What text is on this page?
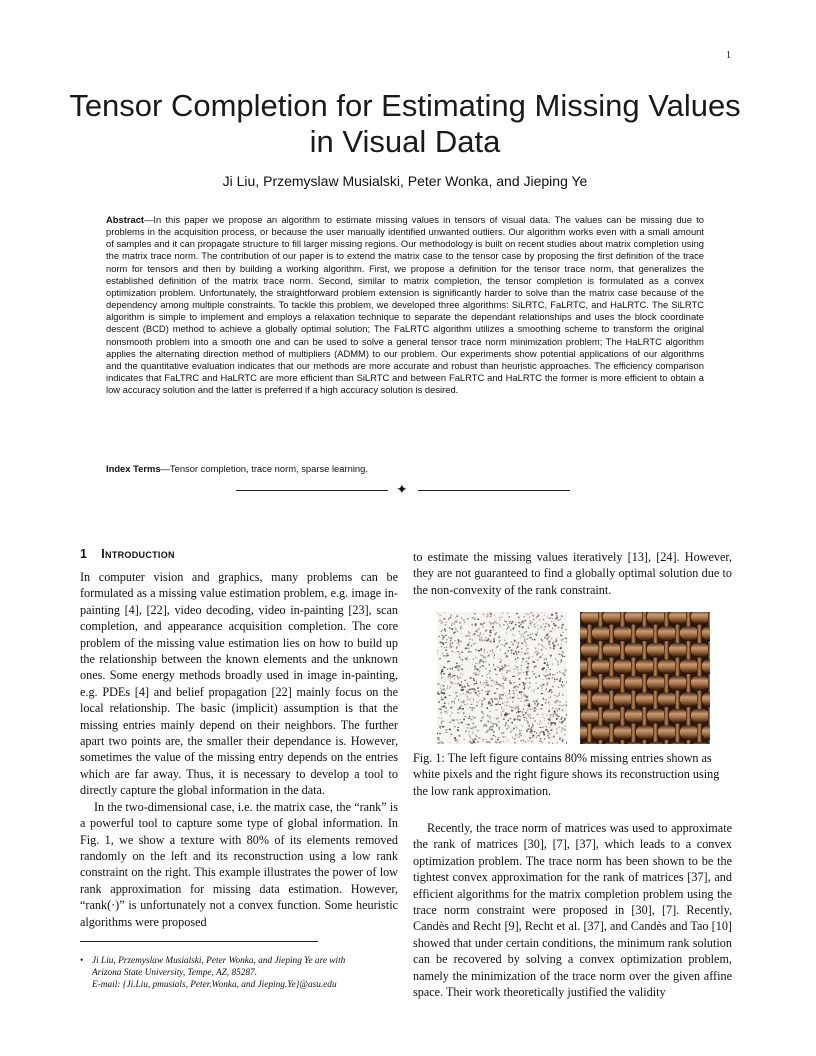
1
Tensor Completion for Estimating Missing Values in Visual Data
Ji Liu, Przemyslaw Musialski, Peter Wonka, and Jieping Ye
Abstract—In this paper we propose an algorithm to estimate missing values in tensors of visual data. The values can be missing due to problems in the acquisition process, or because the user manually identified unwanted outliers. Our algorithm works even with a small amount of samples and it can propagate structure to fill larger missing regions. Our methodology is built on recent studies about matrix completion using the matrix trace norm. The contribution of our paper is to extend the matrix case to the tensor case by proposing the first definition of the trace norm for tensors and then by building a working algorithm. First, we propose a definition for the tensor trace norm, that generalizes the established definition of the matrix trace norm. Second, similar to matrix completion, the tensor completion is formulated as a convex optimization problem. Unfortunately, the straightforward problem extension is significantly harder to solve than the matrix case because of the dependency among multiple constraints. To tackle this problem, we developed three algorithms: SiLRTC, FaLRTC, and HaLRTC. The SiLRTC algorithm is simple to implement and employs a relaxation technique to separate the dependant relationships and uses the block coordinate descent (BCD) method to achieve a globally optimal solution; The FaLRTC algorithm utilizes a smoothing scheme to transform the original nonsmooth problem into a smooth one and can be used to solve a general tensor trace norm minimization problem; The HaLRTC algorithm applies the alternating direction method of multipliers (ADMM) to our problem. Our experiments show potential applications of our algorithms and the quantitative evaluation indicates that our methods are more accurate and robust than heuristic approaches. The efficiency comparison indicates that FaLTRC and HaLRTC are more efficient than SiLRTC and between FaLRTC and HaLRTC the former is more efficient to obtain a low accuracy solution and the latter is preferred if a high accuracy solution is desired.
Index Terms—Tensor completion, trace norm, sparse learning.
✦
1 Introduction

In computer vision and graphics, many problems can be formulated as a missing value estimation problem, e.g. image in-painting [4], [22], video decoding, video in-painting [23], scan completion, and appearance acquisition completion. The core problem of the missing value estimation lies on how to build up the relationship between the known elements and the unknown ones. Some energy methods broadly used in image in-painting, e.g. PDEs [4] and belief propagation [22] mainly focus on the local relationship. The basic (implicit) assumption is that the missing entries mainly depend on their neighbors. The further apart two points are, the smaller their dependance is. However, sometimes the value of the missing entry depends on the entries which are far away. Thus, it is necessary to develop a tool to directly capture the global information in the data.

In the two-dimensional case, i.e. the matrix case, the “rank” is a powerful tool to capture some type of global information. In Fig. 1, we show a texture with 80% of its elements removed randomly on the left and its reconstruction using a low rank constraint on the right. This example illustrates the power of low rank approximation for missing data estimation. However, “rank(·)” is unfortunately not a convex function. Some heuristic algorithms were proposed

to estimate the missing values iteratively [13], [24]. However, they are not guaranteed to find a globally optimal solution due to the non-convexity of the rank constraint.

Fig. 1: The left figure contains 80% missing entries shown as white pixels and the right figure shows its reconstruction using the low rank approximation.

Recently, the trace norm of matrices was used to approximate the rank of matrices [30], [7], [37], which leads to a convex optimization problem. The trace norm has been shown to be the tightest convex approximation for the rank of matrices [37], and efficient algorithms for the matrix completion problem using the trace norm constraint were proposed in [30], [7]. Recently, Candès and Recht [9], Recht et al. [37], and Candès and Tao [10] showed that under certain conditions, the minimum rank solution can be recovered by solving a convex optimization problem, namely the minimization of the trace norm over the given affine space. Their work theoretically justified the validity

• Ji Liu, Przemyslaw Musialski, Peter Wonka, and Jieping Ye are with
Arizona State University, Tempe, AZ, 85287.
E-mail: {Ji.Liu, pmusials, Peter.Wonka, and Jieping.Ye}@asu.edu
